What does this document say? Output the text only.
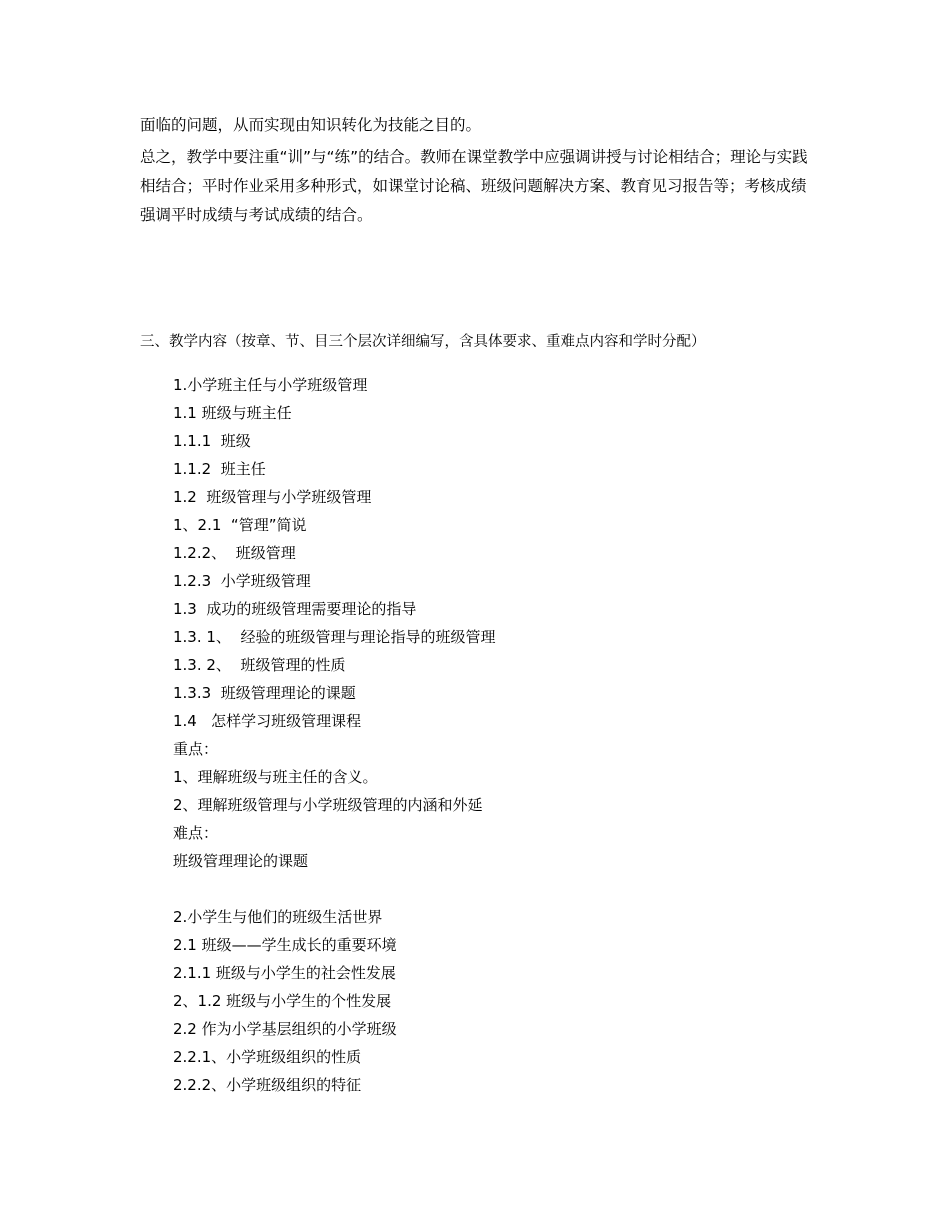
面临的问题，从而实现由知识转化为技能之目的。

总之，教学中要注重“训”与“练”的结合。教师在课堂教学中应强调讲授与讨论相结合；理论与实践相结合；平时作业采用多种形式，如课堂讨论稿、班级问题解决方案、教育见习报告等；考核成绩强调平时成绩与考试成绩的结合。

三、教学内容（按章、节、目三个层次详细编写，含具体要求、重难点内容和学时分配）
1.小学班主任与小学班级管理
1.1 班级与班主任
1.1.1  班级
1.1.2  班主任
1.2  班级管理与小学班级管理
1、2.1  “管理”简说
1.2.2、  班级管理
1.2.3  小学班级管理
1.3  成功的班级管理需要理论的指导
1.3. 1、  经验的班级管理与理论指导的班级管理
1.3. 2、  班级管理的性质
1.3.3  班级管理理论的课题
1.4   怎样学习班级管理课程
重点：
1、理解班级与班主任的含义。
2、理解班级管理与小学班级管理的内涵和外延
难点：
班级管理理论的课题
2.小学生与他们的班级生活世界
2.1 班级——学生成长的重要环境
2.1.1 班级与小学生的社会性发展
2、1.2 班级与小学生的个性发展
2.2 作为小学基层组织的小学班级
2.2.1、小学班级组织的性质
2.2.2、小学班级组织的特征
